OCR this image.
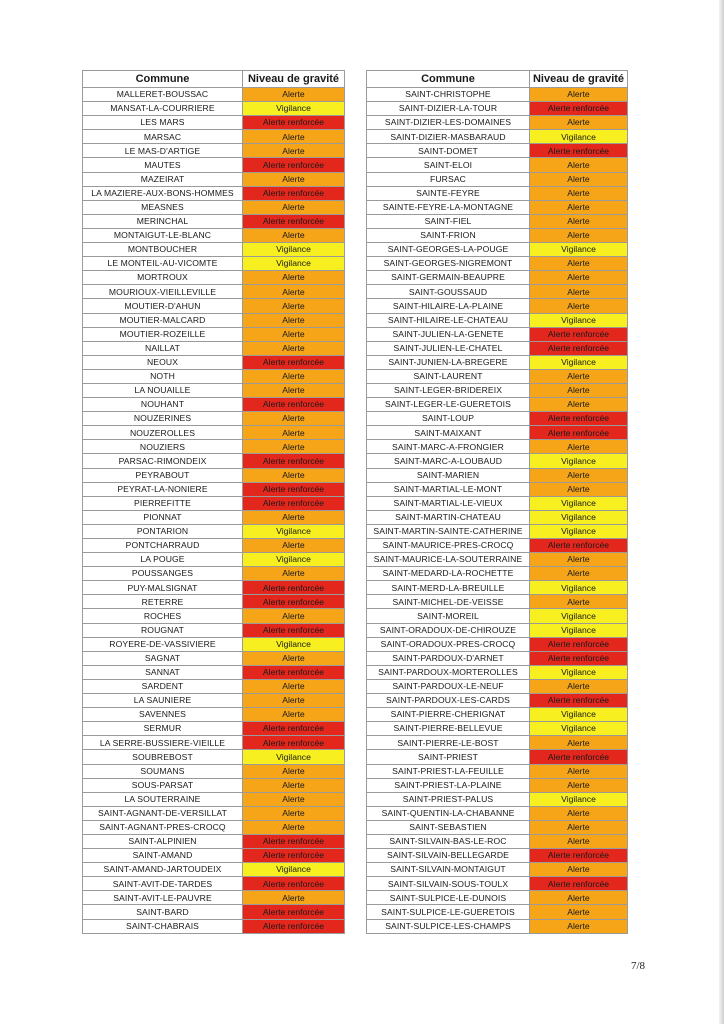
Commune	Niveau de gravité
MALLERET-BOUSSAC	Alerte
MANSAT-LA-COURRIERE	Vigilance
LES MARS	Alerte renforcée
MARSAC	Alerte
LE MAS-D'ARTIGE	Alerte
MAUTES	Alerte renforcée
MAZEIRAT	Alerte
LA MAZIERE-AUX-BONS-HOMMES	Alerte renforcée
MEASNES	Alerte
MERINCHAL	Alerte renforcée
MONTAIGUT-LE-BLANC	Alerte
MONTBOUCHER	Vigilance
LE MONTEIL-AU-VICOMTE	Vigilance
MORTROUX	Alerte
MOURIOUX-VIEILLEVILLE	Alerte
MOUTIER-D'AHUN	Alerte
MOUTIER-MALCARD	Alerte
MOUTIER-ROZEILLE	Alerte
NAILLAT	Alerte
NEOUX	Alerte renforcée
NOTH	Alerte
LA NOUAILLE	Alerte
NOUHANT	Alerte renforcée
NOUZERINES	Alerte
NOUZEROLLES	Alerte
NOUZIERS	Alerte
PARSAC-RIMONDEIX	Alerte renforcée
PEYRABOUT	Alerte
PEYRAT-LA-NONIERE	Alerte renforcée
PIERREFITTE	Alerte renforcée
PIONNAT	Alerte
PONTARION	Vigilance
PONTCHARRAUD	Alerte
LA POUGE	Vigilance
POUSSANGES	Alerte
PUY-MALSIGNAT	Alerte renforcée
RETERRE	Alerte renforcée
ROCHES	Alerte
ROUGNAT	Alerte renforcée
ROYERE-DE-VASSIVIERE	Vigilance
SAGNAT	Alerte
SANNAT	Alerte renforcée
SARDENT	Alerte
LA SAUNIERE	Alerte
SAVENNES	Alerte
SERMUR	Alerte renforcée
LA SERRE-BUSSIERE-VIEILLE	Alerte renforcée
SOUBREBOST	Vigilance
SOUMANS	Alerte
SOUS-PARSAT	Alerte
LA SOUTERRAINE	Alerte
SAINT-AGNANT-DE-VERSILLAT	Alerte
SAINT-AGNANT-PRES-CROCQ	Alerte
SAINT-ALPINIEN	Alerte renforcée
SAINT-AMAND	Alerte renforcée
SAINT-AMAND-JARTOUDEIX	Vigilance
SAINT-AVIT-DE-TARDES	Alerte renforcée
SAINT-AVIT-LE-PAUVRE	Alerte
SAINT-BARD	Alerte renforcée
SAINT-CHABRAIS	Alerte renforcée
Commune	Niveau de gravité
SAINT-CHRISTOPHE	Alerte
SAINT-DIZIER-LA-TOUR	Alerte renforcée
SAINT-DIZIER-LES-DOMAINES	Alerte
SAINT-DIZIER-MASBARAUD	Vigilance
SAINT-DOMET	Alerte renforcée
SAINT-ELOI	Alerte
FURSAC	Alerte
SAINTE-FEYRE	Alerte
SAINTE-FEYRE-LA-MONTAGNE	Alerte
SAINT-FIEL	Alerte
SAINT-FRION	Alerte
SAINT-GEORGES-LA-POUGE	Vigilance
SAINT-GEORGES-NIGREMONT	Alerte
SAINT-GERMAIN-BEAUPRE	Alerte
SAINT-GOUSSAUD	Alerte
SAINT-HILAIRE-LA-PLAINE	Alerte
SAINT-HILAIRE-LE-CHATEAU	Vigilance
SAINT-JULIEN-LA-GENETE	Alerte renforcée
SAINT-JULIEN-LE-CHATEL	Alerte renforcée
SAINT-JUNIEN-LA-BREGERE	Vigilance
SAINT-LAURENT	Alerte
SAINT-LEGER-BRIDEREIX	Alerte
SAINT-LEGER-LE-GUERETOIS	Alerte
SAINT-LOUP	Alerte renforcée
SAINT-MAIXANT	Alerte renforcée
SAINT-MARC-A-FRONGIER	Alerte
SAINT-MARC-A-LOUBAUD	Vigilance
SAINT-MARIEN	Alerte
SAINT-MARTIAL-LE-MONT	Alerte
SAINT-MARTIAL-LE-VIEUX	Vigilance
SAINT-MARTIN-CHATEAU	Vigilance
SAINT-MARTIN-SAINTE-CATHERINE	Vigilance
SAINT-MAURICE-PRES-CROCQ	Alerte renforcée
SAINT-MAURICE-LA-SOUTERRAINE	Alerte
SAINT-MEDARD-LA-ROCHETTE	Alerte
SAINT-MERD-LA-BREUILLE	Vigilance
SAINT-MICHEL-DE-VEISSE	Alerte
SAINT-MOREIL	Vigilance
SAINT-ORADOUX-DE-CHIROUZE	Vigilance
SAINT-ORADOUX-PRES-CROCQ	Alerte renforcée
SAINT-PARDOUX-D'ARNET	Alerte renforcée
SAINT-PARDOUX-MORTEROLLES	Vigilance
SAINT-PARDOUX-LE-NEUF	Alerte
SAINT-PARDOUX-LES-CARDS	Alerte renforcée
SAINT-PIERRE-CHERIGNAT	Vigilance
SAINT-PIERRE-BELLEVUE	Vigilance
SAINT-PIERRE-LE-BOST	Alerte
SAINT-PRIEST	Alerte renforcée
SAINT-PRIEST-LA-FEUILLE	Alerte
SAINT-PRIEST-LA-PLAINE	Alerte
SAINT-PRIEST-PALUS	Vigilance
SAINT-QUENTIN-LA-CHABANNE	Alerte
SAINT-SEBASTIEN	Alerte
SAINT-SILVAIN-BAS-LE-ROC	Alerte
SAINT-SILVAIN-BELLEGARDE	Alerte renforcée
SAINT-SILVAIN-MONTAIGUT	Alerte
SAINT-SILVAIN-SOUS-TOULX	Alerte renforcée
SAINT-SULPICE-LE-DUNOIS	Alerte
SAINT-SULPICE-LE-GUERETOIS	Alerte
SAINT-SULPICE-LES-CHAMPS	Alerte
7/8
